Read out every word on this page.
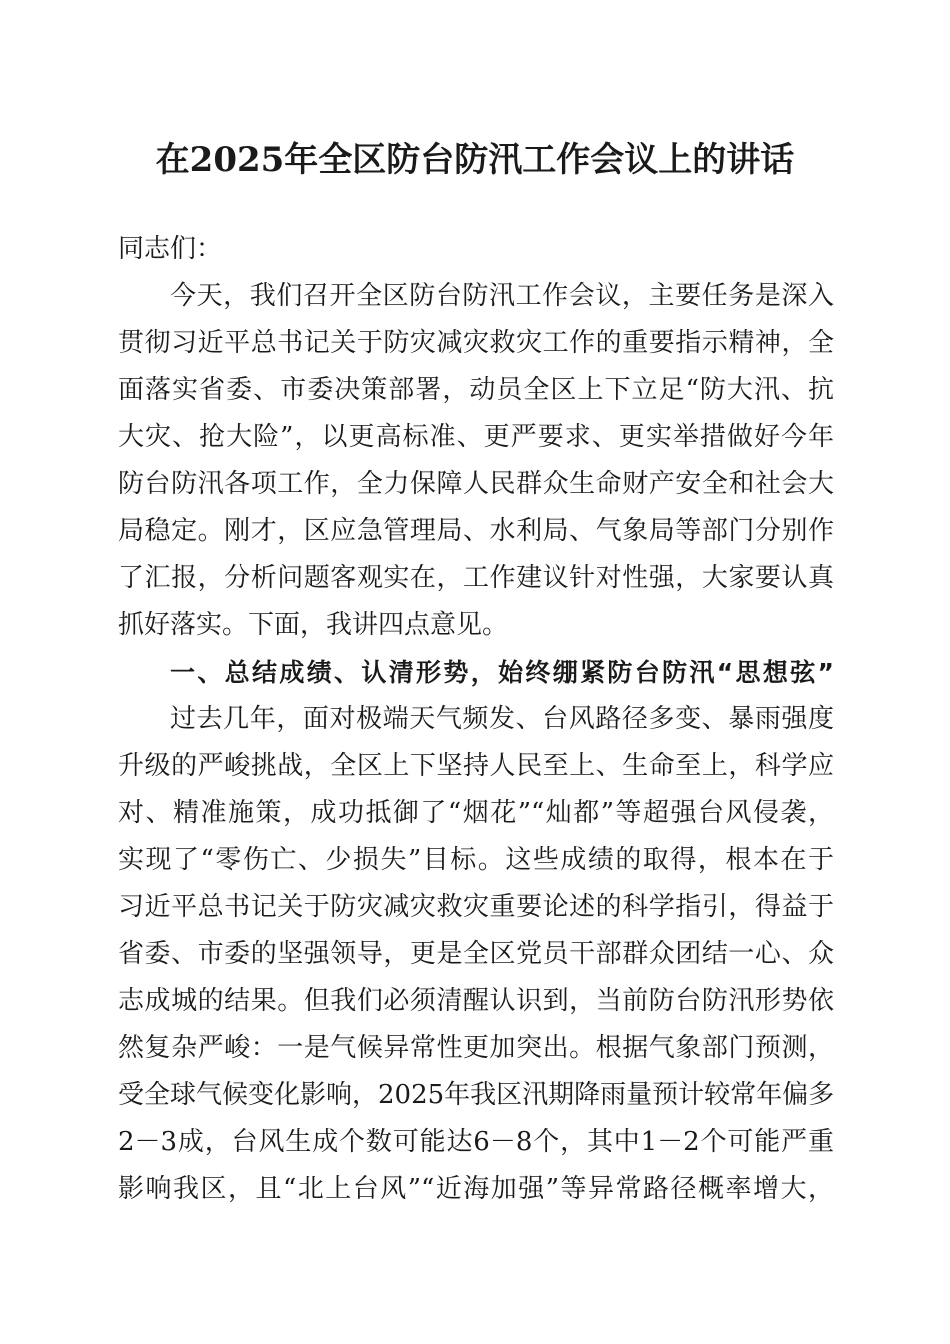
在2025年全区防台防汛工作会议上的讲话
同志们：
今天，我们召开全区防台防汛工作会议，主要任务是深入
贯彻习近平总书记关于防灾减灾救灾工作的重要指示精神，全
面落实省委、市委决策部署，动员全区上下立足“防大汛、抗
大灾、抢大险”，以更高标准、更严要求、更实举措做好今年
防台防汛各项工作，全力保障人民群众生命财产安全和社会大
局稳定。刚才，区应急管理局、水利局、气象局等部门分别作
了汇报，分析问题客观实在，工作建议针对性强，大家要认真
抓好落实。下面，我讲四点意见。
一、总结成绩、认清形势，始终绷紧防台防汛“思想弦”
过去几年，面对极端天气频发、台风路径多变、暴雨强度
升级的严峻挑战，全区上下坚持人民至上、生命至上，科学应
对、精准施策，成功抵御了“烟花”“灿都”等超强台风侵袭，
实现了“零伤亡、少损失”目标。这些成绩的取得，根本在于
习近平总书记关于防灾减灾救灾重要论述的科学指引，得益于
省委、市委的坚强领导，更是全区党员干部群众团结一心、众
志成城的结果。但我们必须清醒认识到，当前防台防汛形势依
然复杂严峻：一是气候异常性更加突出。根据气象部门预测，
受全球气候变化影响，2025年我区汛期降雨量预计较常年偏多
2－3成，台风生成个数可能达6－8个，其中1－2个可能严重
影响我区，且“北上台风”“近海加强”等异常路径概率增大，
